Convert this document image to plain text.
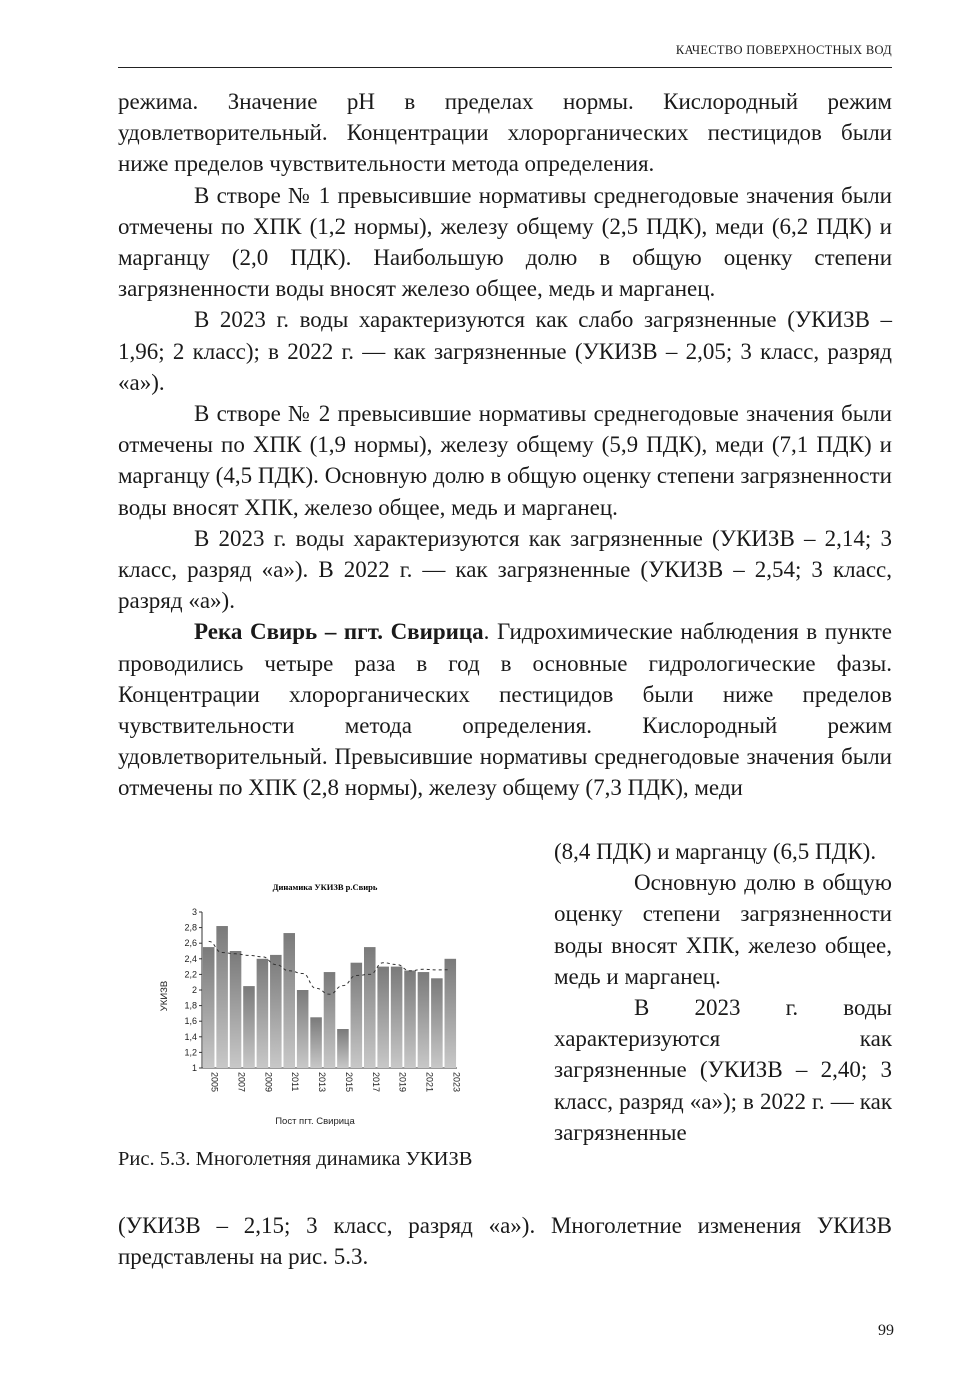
КАЧЕСТВО ПОВЕРХНОСТНЫХ ВОД

режима. Значение pH в пределах нормы. Кислородный режим удовлетворительный. Концентрации хлорорганических пестицидов были ниже пределов чувствительности метода определения.

В створе № 1 превысившие нормативы среднегодовые значения были отмечены по ХПК (1,2 нормы), железу общему (2,5 ПДК), меди (6,2 ПДК) и марганцу (2,0 ПДК). Наибольшую долю в общую оценку степени загрязненности воды вносят железо общее, медь и марганец.

В 2023 г. воды характеризуются как слабо загрязненные (УКИЗВ – 1,96; 2 класс); в 2022 г. — как загрязненные (УКИЗВ – 2,05; 3 класс, разряд «а»).

В створе № 2 превысившие нормативы среднегодовые значения были отмечены по ХПК (1,9 нормы), железу общему (5,9 ПДК), меди (7,1 ПДК) и марганцу (4,5 ПДК). Основную долю в общую оценку степени загрязненности воды вносят ХПК, железо общее, медь и марганец.

В 2023 г. воды характеризуются как загрязненные (УКИЗВ – 2,14; 3 класс, разряд «а»). В 2022 г. — как загрязненные (УКИЗВ – 2,54; 3 класс, разряд «а»).

Река Свирь – пгт. Свирица. Гидрохимические наблюдения в пункте проводились четыре раза в год в основные гидрологические фазы. Концентрации хлорорганических пестицидов были ниже пределов чувствительности метода определения. Кислородный режим удовлетворительный. Превысившие нормативы среднегодовые значения были отмечены по ХПК (2,8 нормы), железу общему (7,3 ПДК), меди

(8,4 ПДК) и марганцу (6,5 ПДК).

Основную долю в общую оценку степени загрязненности воды вносят ХПК, железо общее, медь и марганец.

В 2023 г. воды характеризуются как загрязненные (УКИЗВ – 2,40; 3 класс, разряд «а»); в 2022 г. — как загрязненные

(УКИЗВ – 2,15; 3 класс, разряд «а»). Многолетние изменения УКИЗВ представлены на рис. 5.3.

Динамика УКИЗВ р.Свирь
1
1,2
1,4
1,6
1,8
2
2,2
2,4
2,6
2,8
3
2005 2007 2009 2011 2013 2015 2017 2019 2021 2023
УКИЗВ
Пост пгт. Свирица
Рис. 5.3. Многолетняя динамика УКИЗВ
99
